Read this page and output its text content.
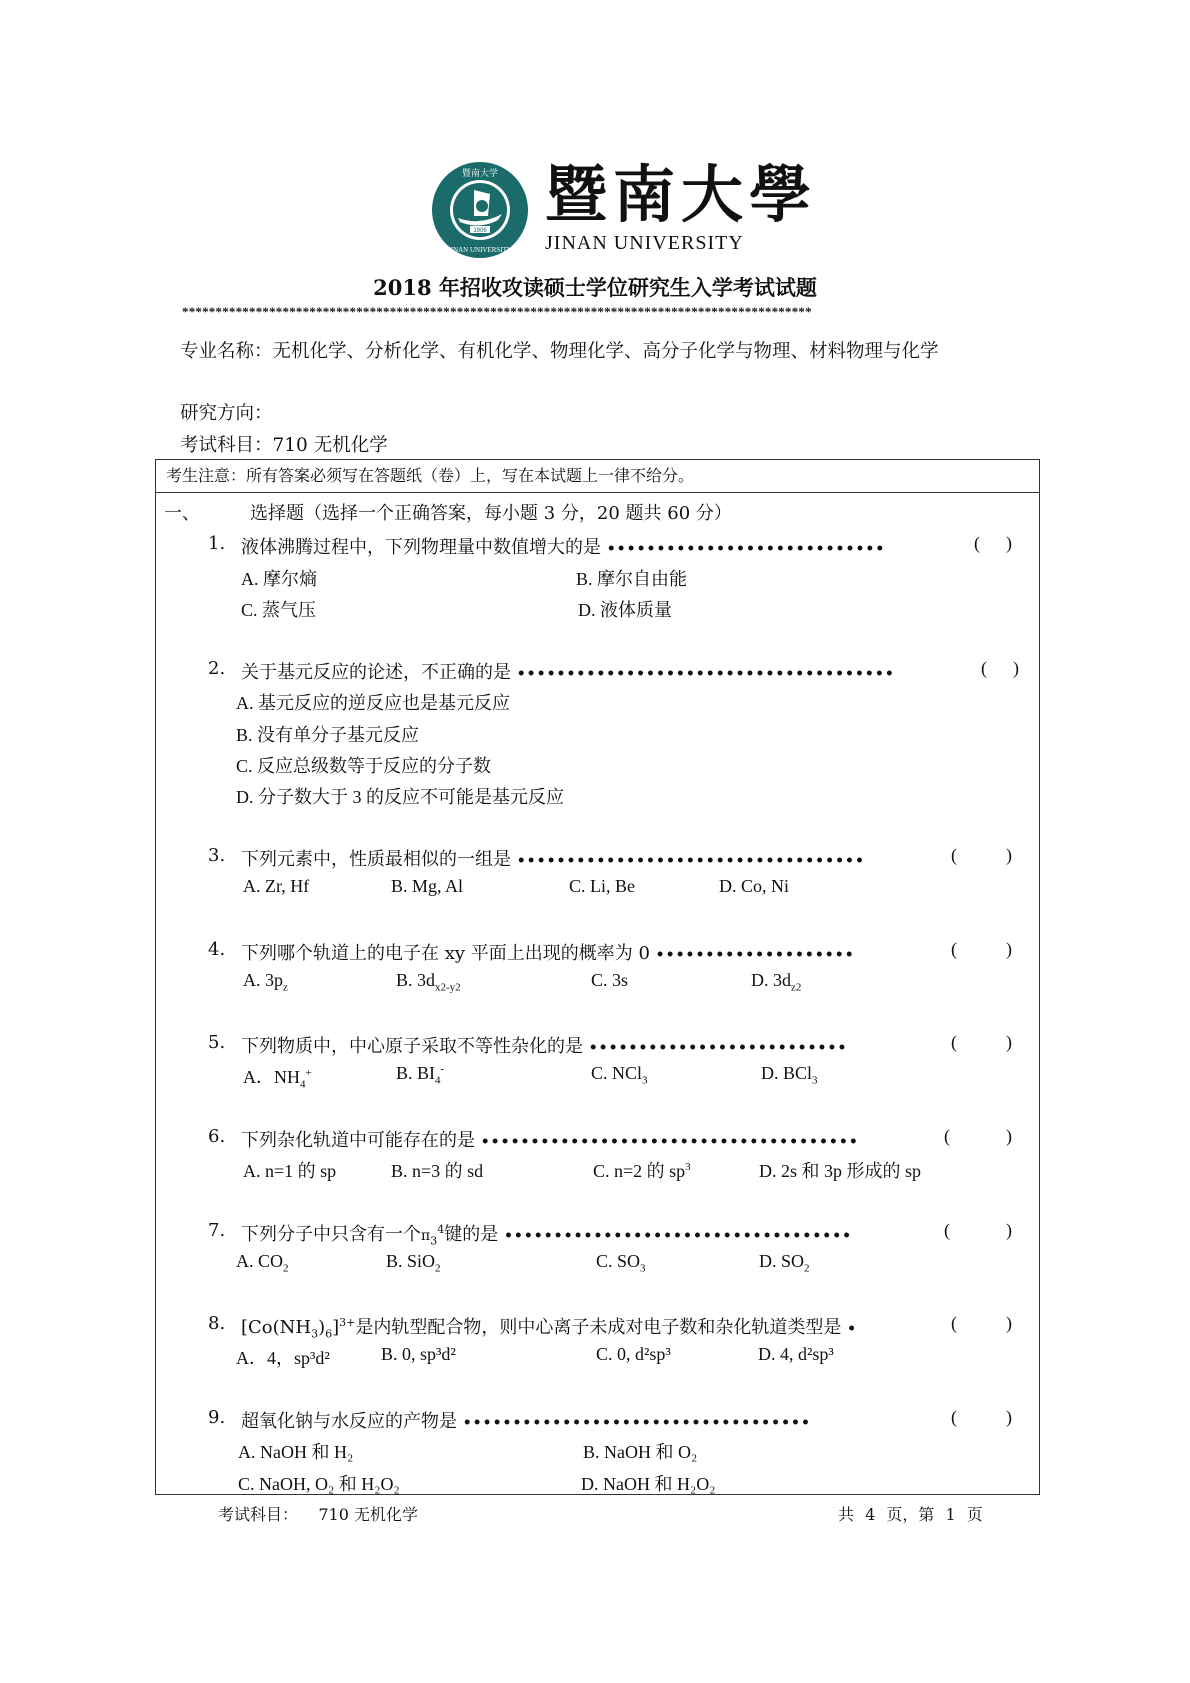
1906
暨南大学
JINAN UNIVERSITY
暨南大學
JINAN UNIVERSITY
2018 年招收攻读硕士学位研究生入学考试试题
**********************************************************************************************
专业名称：无机化学、分析化学、有机化学、物理化学、高分子化学与物理、材料物理与化学
研究方向：
考试科目：710 无机化学
考生注意：所有答案必须写在答题纸（卷）上，写在本试题上一律不给分。
一、	选择题（选择一个正确答案，每小题 3 分，20 题共 60 分）
1. 液体沸腾过程中，下列物理量中数值增大的是 ••••••••••••••••••••••••••••	( )
A. 摩尔熵	B. 摩尔自由能
C. 蒸气压	D. 液体质量
2. 关于基元反应的论述，不正确的是 ••••••••••••••••••••••••••••••••••••••	( )
A. 基元反应的逆反应也是基元反应
B. 没有单分子基元反应
C. 反应总级数等于反应的分子数
D. 分子数大于 3 的反应不可能是基元反应
3. 下列元素中，性质最相似的一组是 •••••••••••••••••••••••••••••••••••	(	)
A. Zr, Hf	B. Mg, Al	C. Li, Be	D. Co, Ni
4. 下列哪个轨道上的电子在 xy 平面上出现的概率为 0 ••••••••••••••••••••	(	)
A. $3p_z$	B. $3d_{x2-y2}$	C. 3s	D. $3d_{z2}$
5. 下列物质中，中心原子采取不等性杂化的是 ••••••••••••••••••••••••••	(	)
A．$NH_4^+$	B. $BI_4^-$	C. NCl$_3$	D. BCl$_3$
6. 下列杂化轨道中可能存在的是 ••••••••••••••••••••••••••••••••••••••	(	)
A. n=1 的 sp	B. n=3 的 sd	C. n=2 的 $sp^3$	D. 2s 和 3p 形成的 sp
7. 下列分子中只含有一个$\pi_3^4$键的是 •••••••••••••••••••••••••••••••••••	(	)
A. $CO_2$	B. SiO$_2$	C. $SO_3$	D. $SO_2$
8. $[Co(NH_3)_6]^{3+}$是内轨型配合物，则中心离子未成对电子数和杂化轨道类型是 •	(	)
A．4，sp³d²	B. 0, sp³d²	C. 0, d²sp³	D. 4, d²sp³
9. 超氧化钠与水反应的产物是 •••••••••••••••••••••••••••••••••••	(	)
A. NaOH 和 H₂	B. NaOH 和 O₂
C. NaOH, O₂ 和 H₂O₂	D. NaOH 和 H₂O₂
考试科目： 710 无机化学	共 4 页，第 1 页
